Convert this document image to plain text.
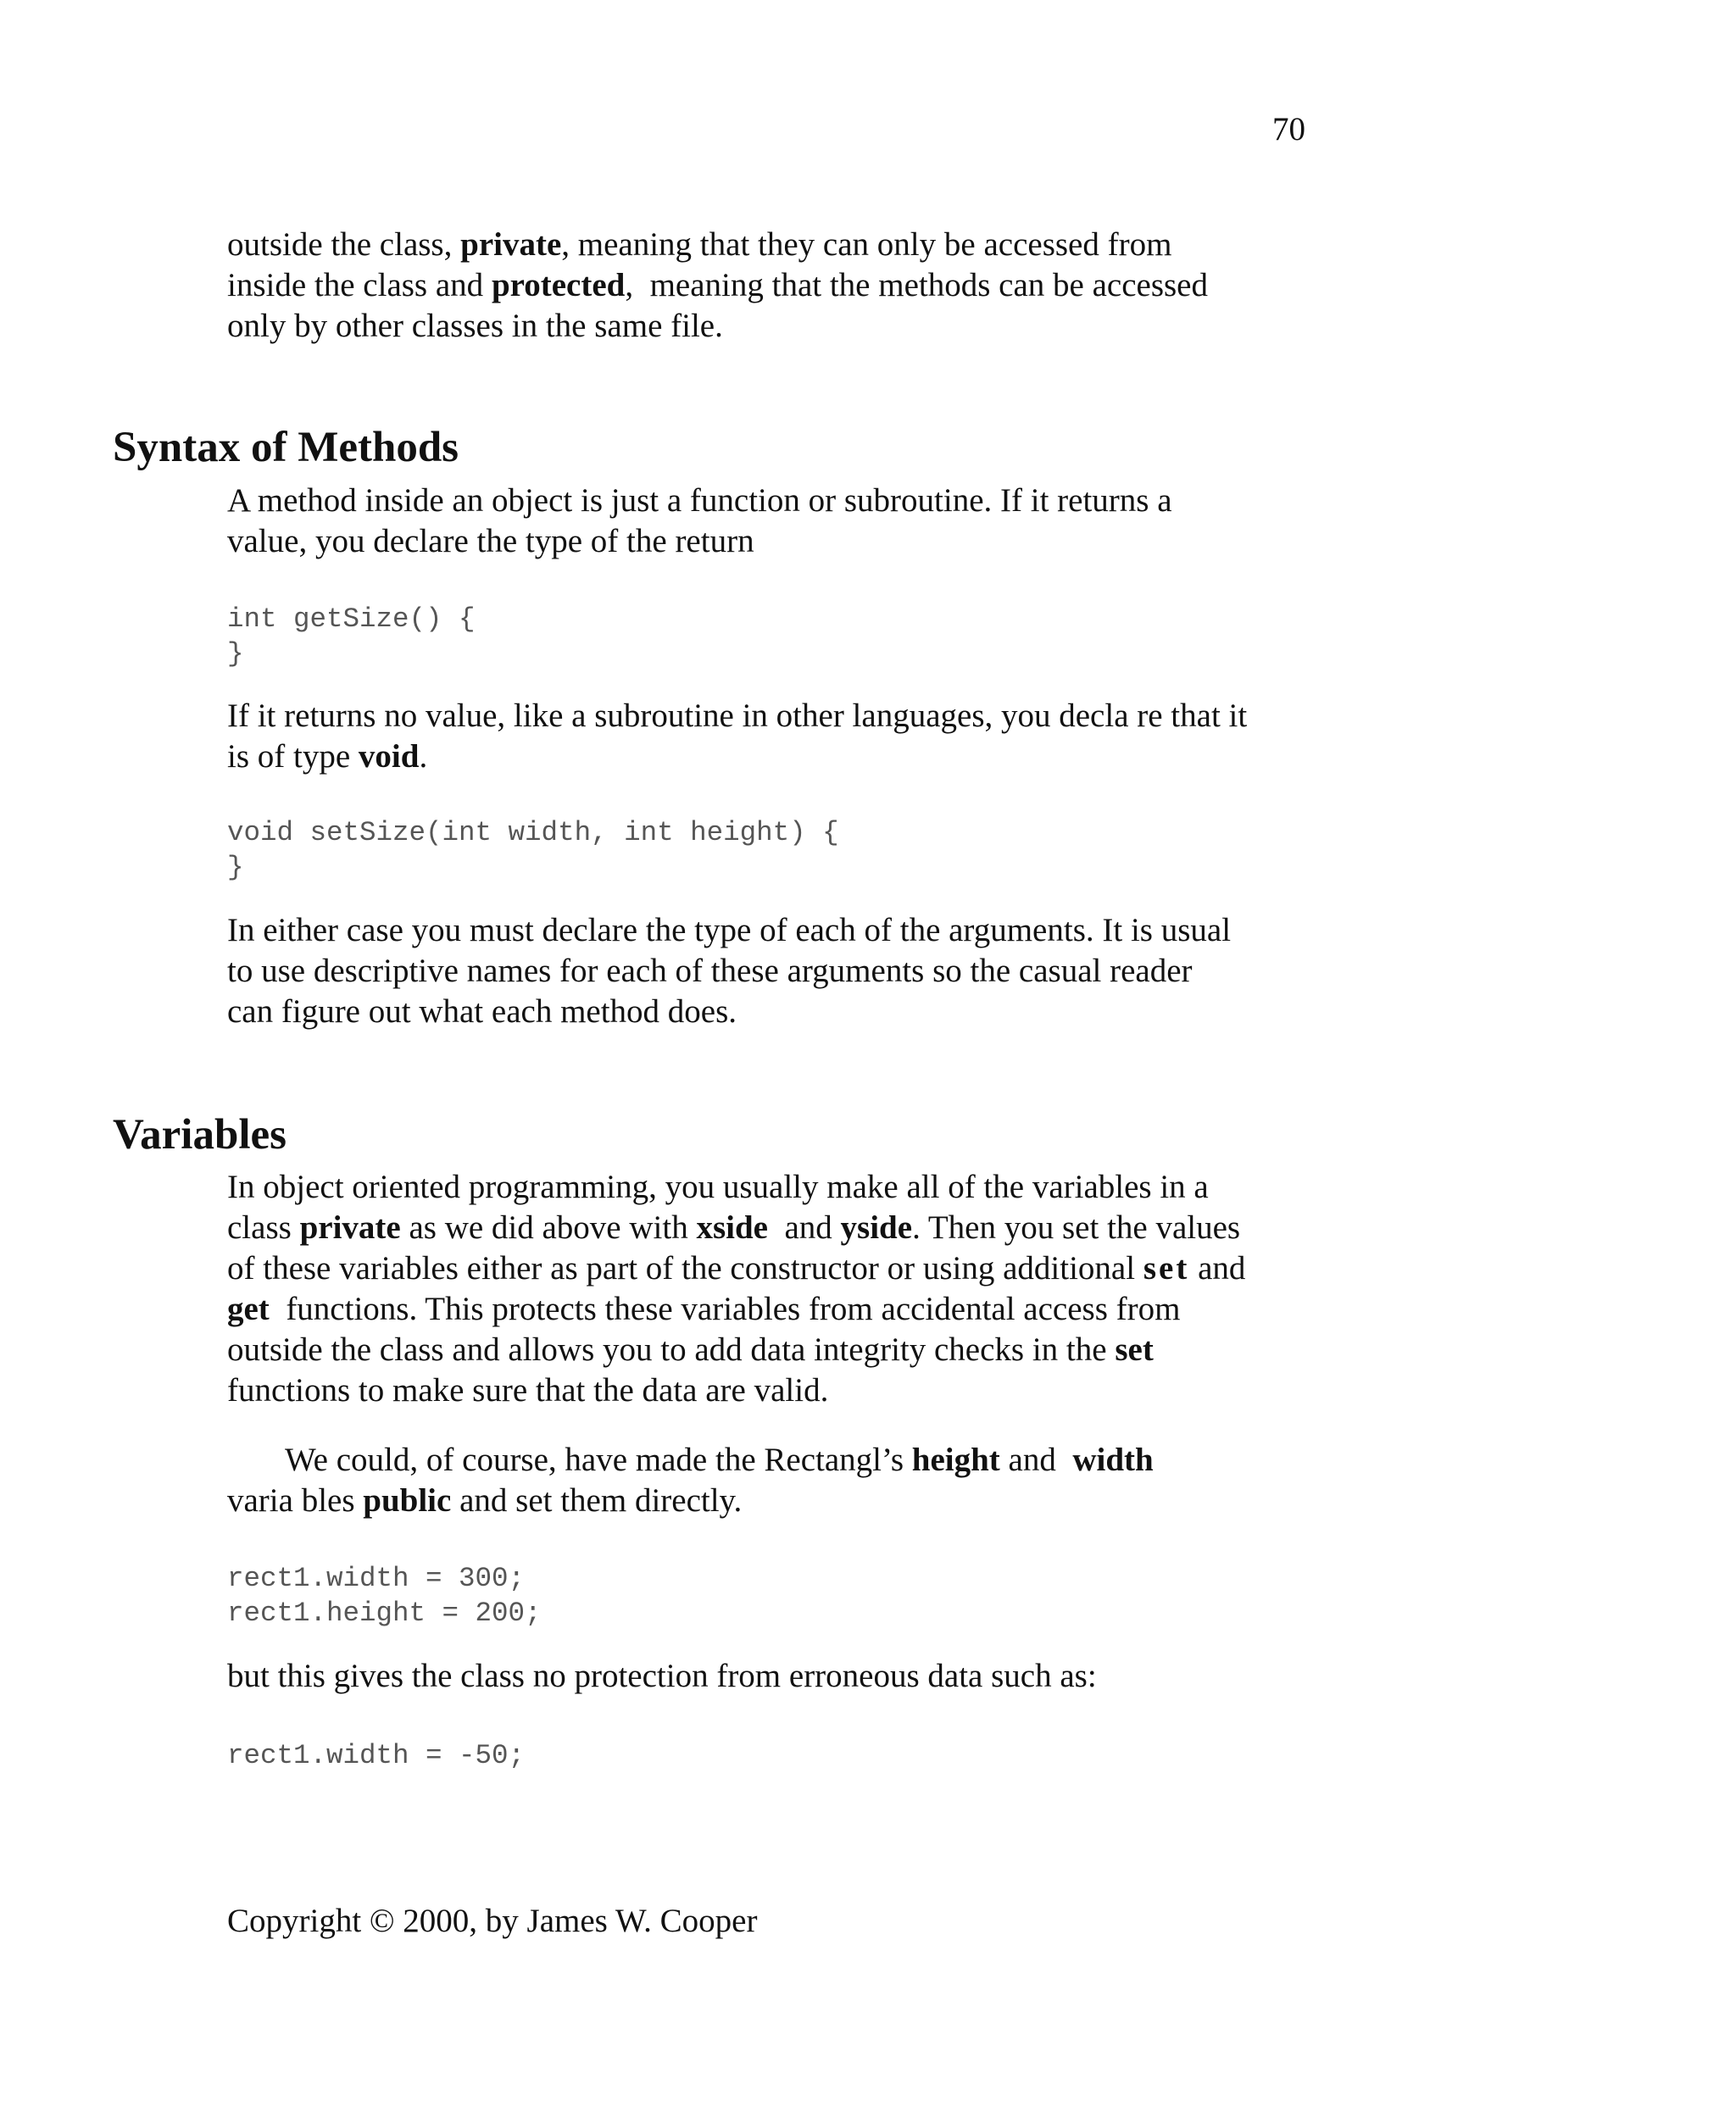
70
outside the class, private, meaning that they can only be accessed from
inside the class and protected,  meaning that the methods can be accessed
only by other classes in the same file.
Syntax of Methods
A method inside an object is just a function or subroutine. If it returns a
value, you declare the type of the return
int getSize() {
}
If it returns no value, like a subroutine in other languages, you decla re that it
is of type void.
void setSize(int width, int height) {
}
In either case you must declare the type of each of the arguments. It is usual
to use descriptive names for each of these arguments so the casual reader
can figure out what each method does.
Variables
In object oriented programming, you usually make all of the variables in a
class private as we did above with xside  and yside. Then you set the values
of these variables either as part of the constructor or using additional set and
get  functions. This protects these variables from accidental access from
outside the class and allows you to add data integrity checks in the set
functions to make sure that the data are valid.
We could, of course, have made the Rectangl’s height and  width
varia bles public and set them directly.
rect1.width = 300;
rect1.height = 200;
but this gives the class no protection from erroneous data such as:
rect1.width = -50;
Copyright © 2000, by James W. Cooper
